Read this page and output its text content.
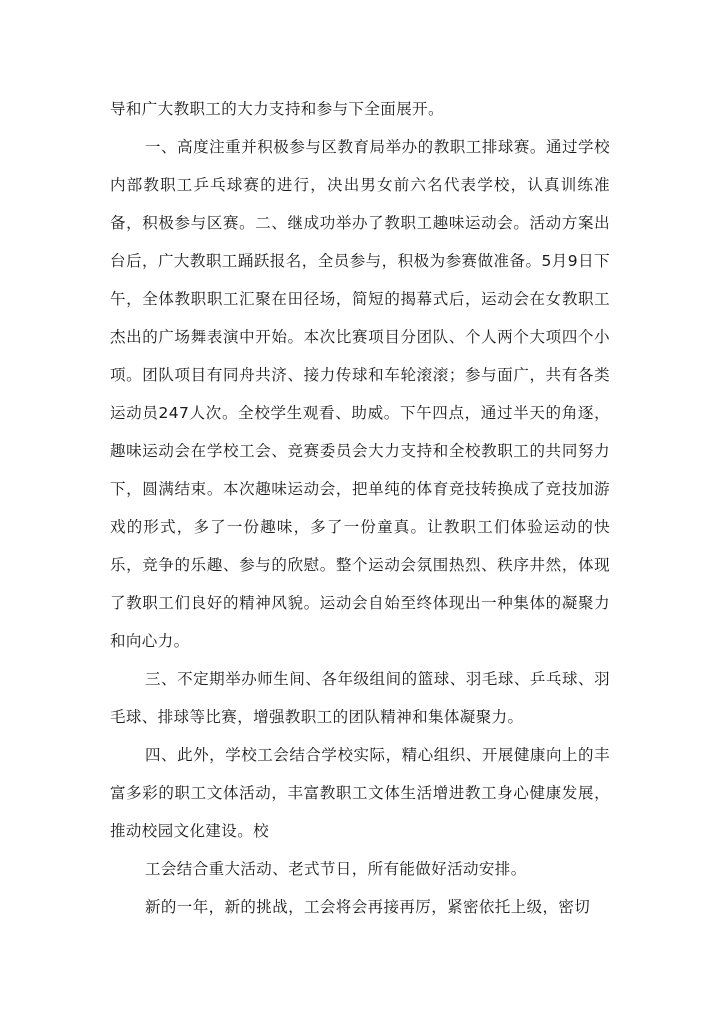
导和广大教职工的大力支持和参与下全面展开。

一、高度注重并积极参与区教育局举办的教职工排球赛。通过学校内部教职工乒乓球赛的进行，决出男女前六名代表学校，认真训练准备，积极参与区赛。二、继成功举办了教职工趣味运动会。活动方案出台后，广大教职工踊跃报名，全员参与，积极为参赛做准备。5月9日下午，全体教职职工汇聚在田径场，简短的揭幕式后，运动会在女教职工杰出的广场舞表演中开始。本次比赛项目分团队、个人两个大项四个小项。团队项目有同舟共济、接力传球和车轮滚滚；参与面广，共有各类运动员247人次。全校学生观看、助威。下午四点，通过半天的角逐，趣味运动会在学校工会、竞赛委员会大力支持和全校教职工的共同努力下，圆满结束。本次趣味运动会，把单纯的体育竞技转换成了竞技加游戏的形式，多了一份趣味，多了一份童真。让教职工们体验运动的快乐，竞争的乐趣、参与的欣慰。整个运动会氛围热烈、秩序井然，体现了教职工们良好的精神风貌。运动会自始至终体现出一种集体的凝聚力和向心力。

三、不定期举办师生间、各年级组间的篮球、羽毛球、乒乓球、羽毛球、排球等比赛，增强教职工的团队精神和集体凝聚力。

四、此外，学校工会结合学校实际，精心组织、开展健康向上的丰富多彩的职工文体活动，丰富教职工文体生活增进教工身心健康发展，推动校园文化建设。校

工会结合重大活动、老式节日，所有能做好活动安排。

新的一年，新的挑战，工会将会再接再厉，紧密依托上级，密切
